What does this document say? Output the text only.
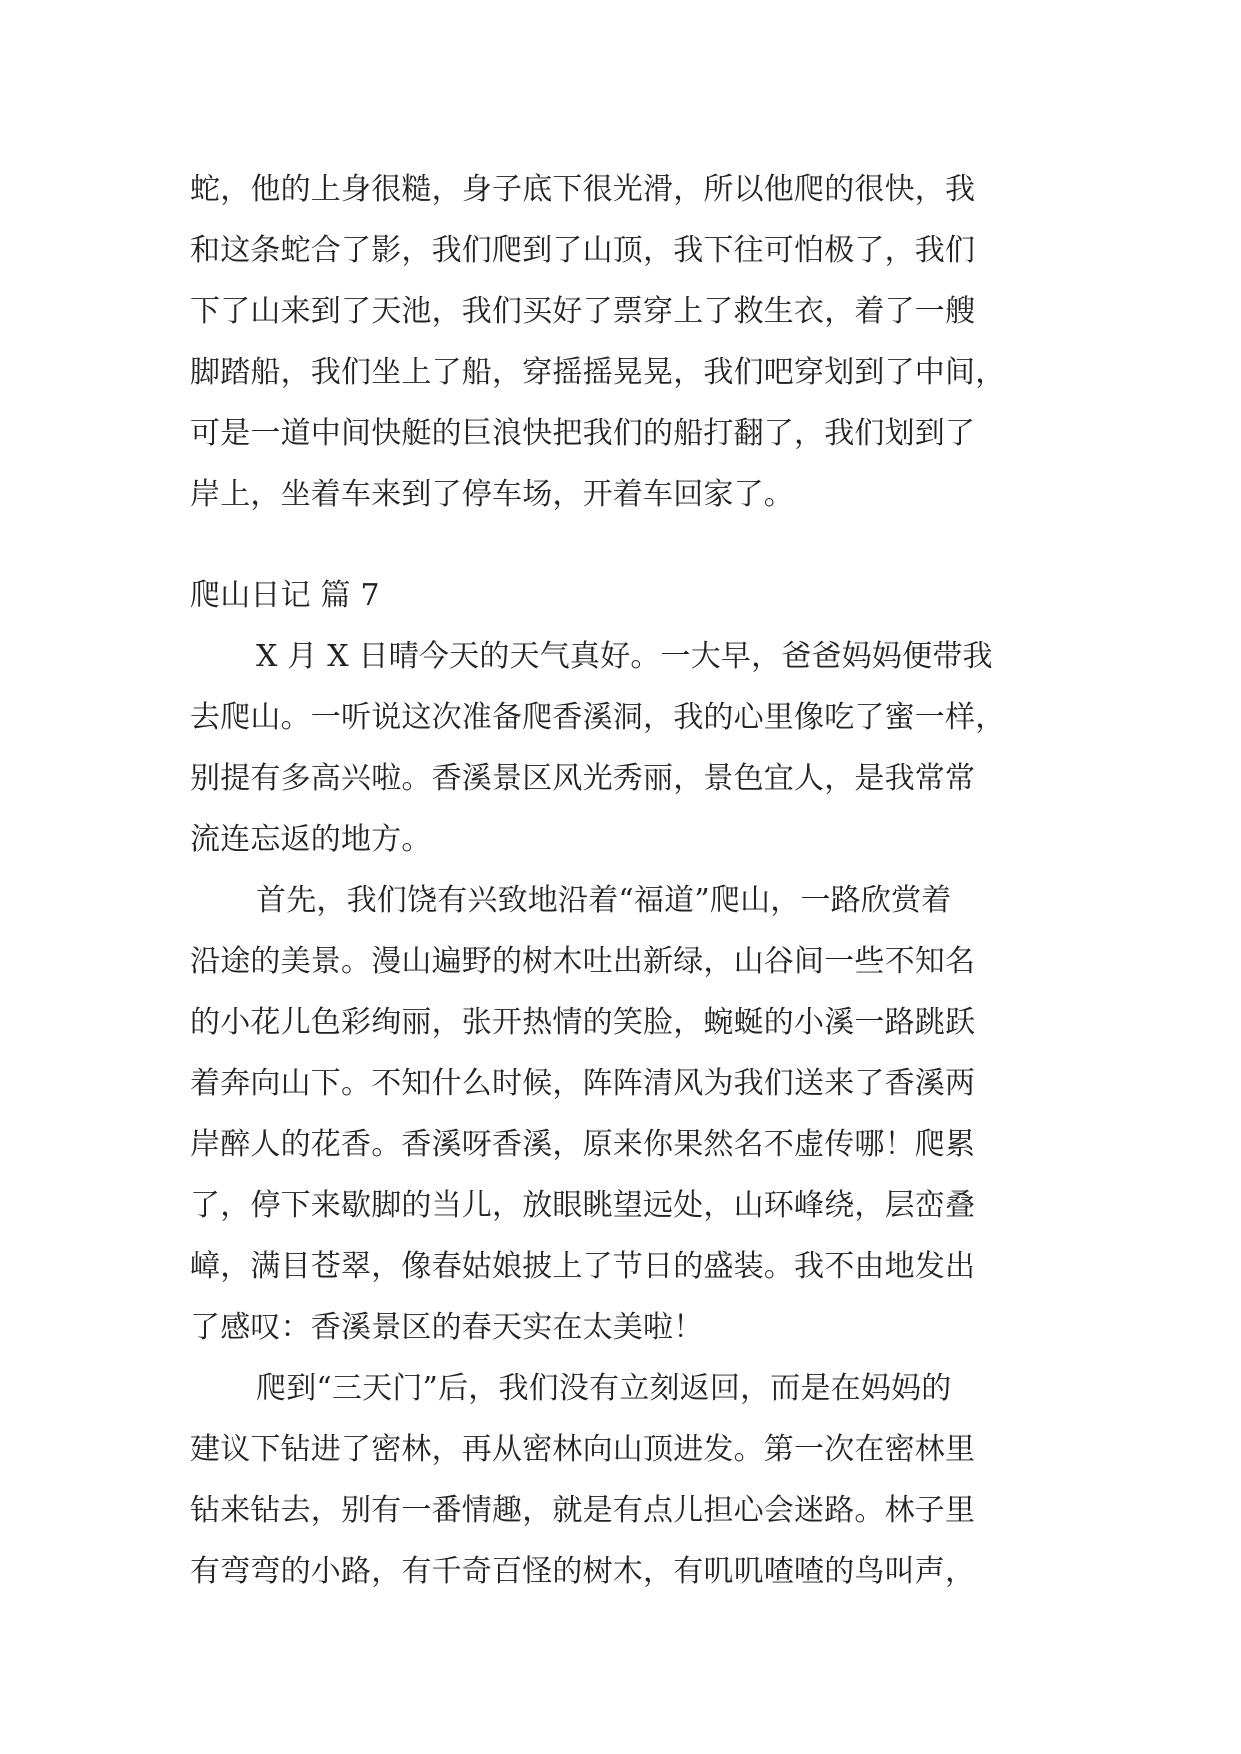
蛇，他的上身很糙，身子底下很光滑，所以他爬的很快，我
和这条蛇合了影，我们爬到了山顶，我下往可怕极了，我们
下了山来到了天池，我们买好了票穿上了救生衣，着了一艘
脚踏船，我们坐上了船，穿摇摇晃晃，我们吧穿划到了中间，
可是一道中间快艇的巨浪快把我们的船打翻了，我们划到了
岸上，坐着车来到了停车场，开着车回家了。
爬山日记 篇 7
X 月 X 日晴今天的天气真好。一大早，爸爸妈妈便带我
去爬山。一听说这次准备爬香溪洞，我的心里像吃了蜜一样，
别提有多高兴啦。香溪景区风光秀丽，景色宜人，是我常常
流连忘返的地方。
首先，我们饶有兴致地沿着“福道”爬山，一路欣赏着
沿途的美景。漫山遍野的树木吐出新绿，山谷间一些不知名
的小花儿色彩绚丽，张开热情的笑脸，蜿蜒的小溪一路跳跃
着奔向山下。不知什么时候，阵阵清风为我们送来了香溪两
岸醉人的花香。香溪呀香溪，原来你果然名不虚传哪！爬累
了，停下来歇脚的当儿，放眼眺望远处，山环峰绕，层峦叠
嶂，满目苍翠，像春姑娘披上了节日的盛装。我不由地发出
了感叹：香溪景区的春天实在太美啦！
爬到“三天门”后，我们没有立刻返回，而是在妈妈的
建议下钻进了密林，再从密林向山顶进发。第一次在密林里
钻来钻去，别有一番情趣，就是有点儿担心会迷路。林子里
有弯弯的小路，有千奇百怪的树木，有叽叽喳喳的鸟叫声，
